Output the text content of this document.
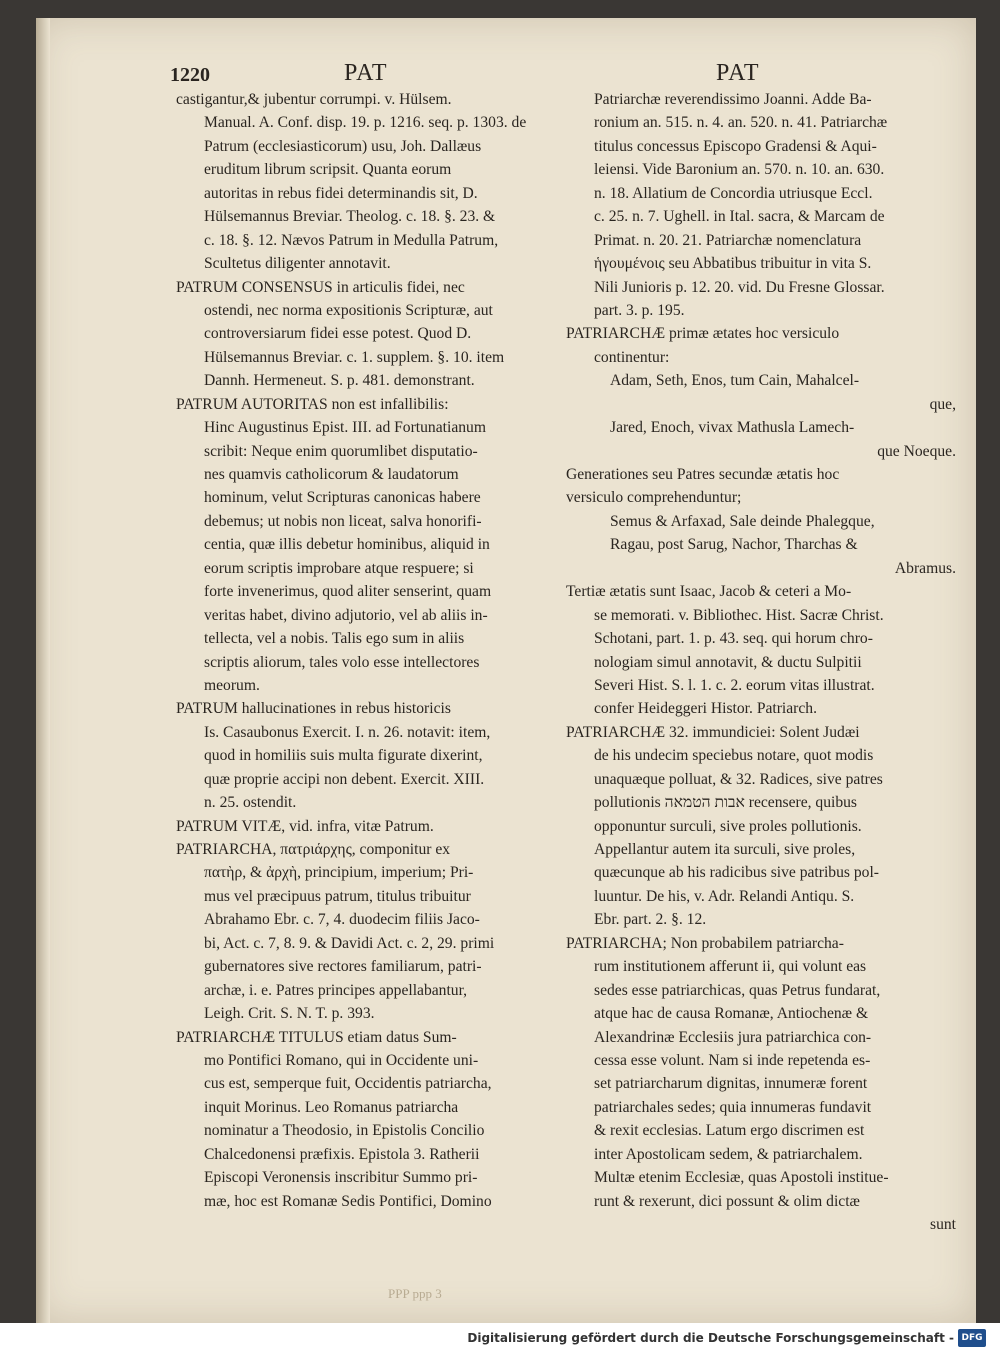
1220	PAT	PAT
castigantur,& jubentur corrumpi. v. Hülsem.
Manual. A. Conf. disp. 19. p. 1216. seq. p. 1303. de
Patrum (ecclesiasticorum) usu, Joh. Dallæus
eruditum librum scripsit. Quanta eorum
autoritas in rebus fidei determinandis sit, D.
Hülsemannus Breviar. Theolog. c. 18. §. 23. &
c. 18. §. 12. Nævos Patrum in Medulla Patrum,
Scultetus diligenter annotavit.
PATRUM CONSENSUS in articulis fidei, nec
ostendi, nec norma expositionis Scripturæ, aut
controversiarum fidei esse potest. Quod D.
Hülsemannus Breviar. c. 1. supplem. §. 10. item
Dannh. Hermeneut. S. p. 481. demonstrant.
PATRUM AUTORITAS non est infallibilis:
Hinc Augustinus Epist. III. ad Fortunatianum
scribit: Neque enim quorumlibet disputatio-
nes quamvis catholicorum & laudatorum
hominum, velut Scripturas canonicas habere
debemus; ut nobis non liceat, salva honorifi-
centia, quæ illis debetur hominibus, aliquid in
eorum scriptis improbare atque respuere; si
forte invenerimus, quod aliter senserint, quam
veritas habet, divino adjutorio, vel ab aliis in-
tellecta, vel a nobis. Talis ego sum in aliis
scriptis aliorum, tales volo esse intellectores
meorum.
PATRUM hallucinationes in rebus historicis
Is. Casaubonus Exercit. I. n. 26. notavit: item,
quod in homiliis suis multa figurate dixerint,
quæ proprie accipi non debent. Exercit. XIII.
n. 25. ostendit.
PATRUM VITÆ, vid. infra, vitæ Patrum.
PATRIARCHA, πατριάρχης, componitur ex
πατὴρ, & ἀρχὴ, principium, imperium; Pri-
mus vel præcipuus patrum, titulus tribuitur
Abrahamo Ebr. c. 7, 4. duodecim filiis Jaco-
bi, Act. c. 7, 8. 9. & Davidi Act. c. 2, 29. primi
gubernatores sive rectores familiarum, patri-
archæ, i. e. Patres principes appellabantur,
Leigh. Crit. S. N. T. p. 393.
PATRIARCHÆ TITULUS etiam datus Sum-
mo Pontifici Romano, qui in Occidente uni-
cus est, semperque fuit, Occidentis patriarcha,
inquit Morinus. Leo Romanus patriarcha
nominatur a Theodosio, in Epistolis Concilio
Chalcedonensi præfixis. Epistola 3. Ratherii
Episcopi Veronensis inscribitur Summo pri-
mæ, hoc est Romanæ Sedis Pontifici, Domino
Patriarchæ reverendissimo Joanni. Adde Ba-
ronium an. 515. n. 4. an. 520. n. 41. Patriarchæ
titulus concessus Episcopo Gradensi & Aqui-
leiensi. Vide Baronium an. 570. n. 10. an. 630.
n. 18. Allatium de Concordia utriusque Eccl.
c. 25. n. 7. Ughell. in Ital. sacra, & Marcam de
Primat. n. 20. 21. Patriarchæ nomenclatura
ἡγουμένοις seu Abbatibus tribuitur in vita S.
Nili Junioris p. 12. 20. vid. Du Fresne Glossar.
part. 3. p. 195.
PATRIARCHÆ primæ ætates hoc versiculo
continentur:
Adam, Seth, Enos, tum Cain, Mahalcel-
que,
Jared, Enoch, vivax Mathusla Lamech-
que Noeque.
Generationes seu Patres secundæ ætatis hoc
versiculo comprehenduntur;
Semus & Arfaxad, Sale deinde Phalegque,
Ragau, post Sarug, Nachor, Tharchas &
Abramus.
Tertiæ ætatis sunt Isaac, Jacob & ceteri a Mo-
se memorati. v. Bibliothec. Hist. Sacræ Christ.
Schotani, part. 1. p. 43. seq. qui horum chro-
nologiam simul annotavit, & ductu Sulpitii
Severi Hist. S. l. 1. c. 2. eorum vitas illustrat.
confer Heideggeri Histor. Patriarch.
PATRIARCHÆ 32. immundiciei: Solent Judæi
de his undecim speciebus notare, quot modis
unaquæque polluat, & 32. Radices, sive patres
pollutionis אבות הטמאה recensere, quibus
opponuntur surculi, sive proles pollutionis.
Appellantur autem ita surculi, sive proles,
quæcunque ab his radicibus sive patribus pol-
luuntur. De his, v. Adr. Relandi Antiqu. S.
Ebr. part. 2. §. 12.
PATRIARCHA; Non probabilem patriarcha-
rum institutionem afferunt ii, qui volunt eas
sedes esse patriarchicas, quas Petrus fundarat,
atque hac de causa Romanæ, Antiochenæ &
Alexandrinæ Ecclesiis jura patriarchica con-
cessa esse volunt. Nam si inde repetenda es-
set patriarcharum dignitas, innumeræ forent
patriarchales sedes; quia innumeras fundavit
& rexit ecclesias. Latum ergo discrimen est
inter Apostolicam sedem, & patriarchalem.
Multæ etenim Ecclesiæ, quas Apostoli institue-
runt & rexerunt, dici possunt & olim dictæ
sunt
PPP ppp 3
Digitalisierung gefördert durch die Deutsche Forschungsgemeinschaft - DFG
